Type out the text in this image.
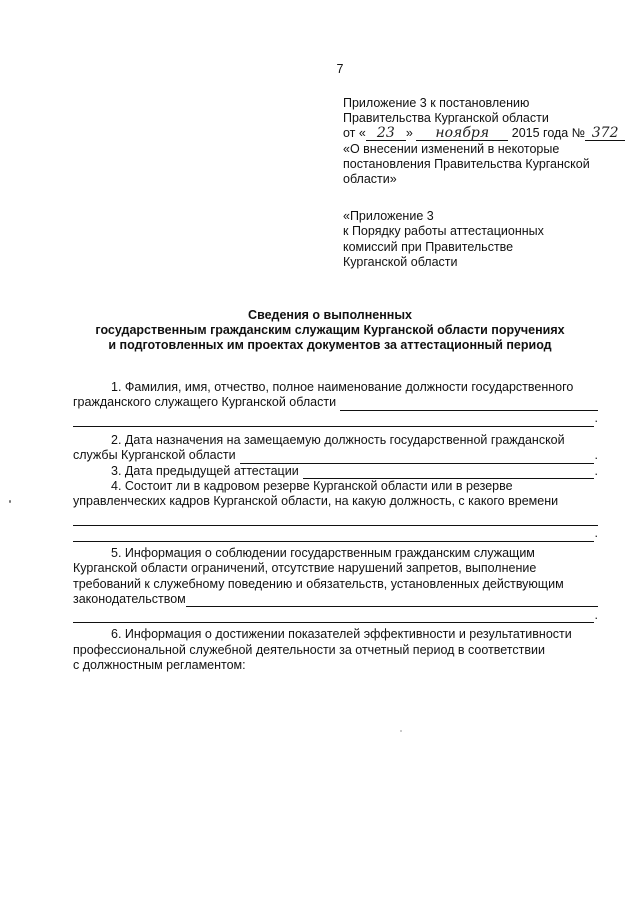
7
Приложение 3 к постановлению
Правительства Курганской области
от « 23 » ноября 2015 года № 372
«О внесении изменений в некоторые
постановления Правительства Курганской
области»
«Приложение 3
к Порядку работы аттестационных
комиссий при Правительстве
Курганской области
Сведения о выполненных
государственным гражданским служащим Курганской области поручениях
и подготовленных им проектах документов за аттестационный период

1. Фамилия, имя, отчество, полное наименование должности государственного

гражданского служащего Курганской области
.

2. Дата назначения на замещаемую должность государственной гражданской

службы Курганской области	.
3. Дата предыдущей аттестации	.

4. Состоит ли в кадровом резерве Курганской области или в резерве

управленческих кадров Курганской области, на какую должность, с какого времени

.

5. Информация о соблюдении государственным гражданским служащим

Курганской области ограничений, отсутствие нарушений запретов, выполнение

требований к служебному поведению и обязательств, установленных действующим

законодательством
.

6. Информация о достижении показателей эффективности и результативности

профессиональной служебной деятельности за отчетный период в соответствии

с должностным регламентом:
